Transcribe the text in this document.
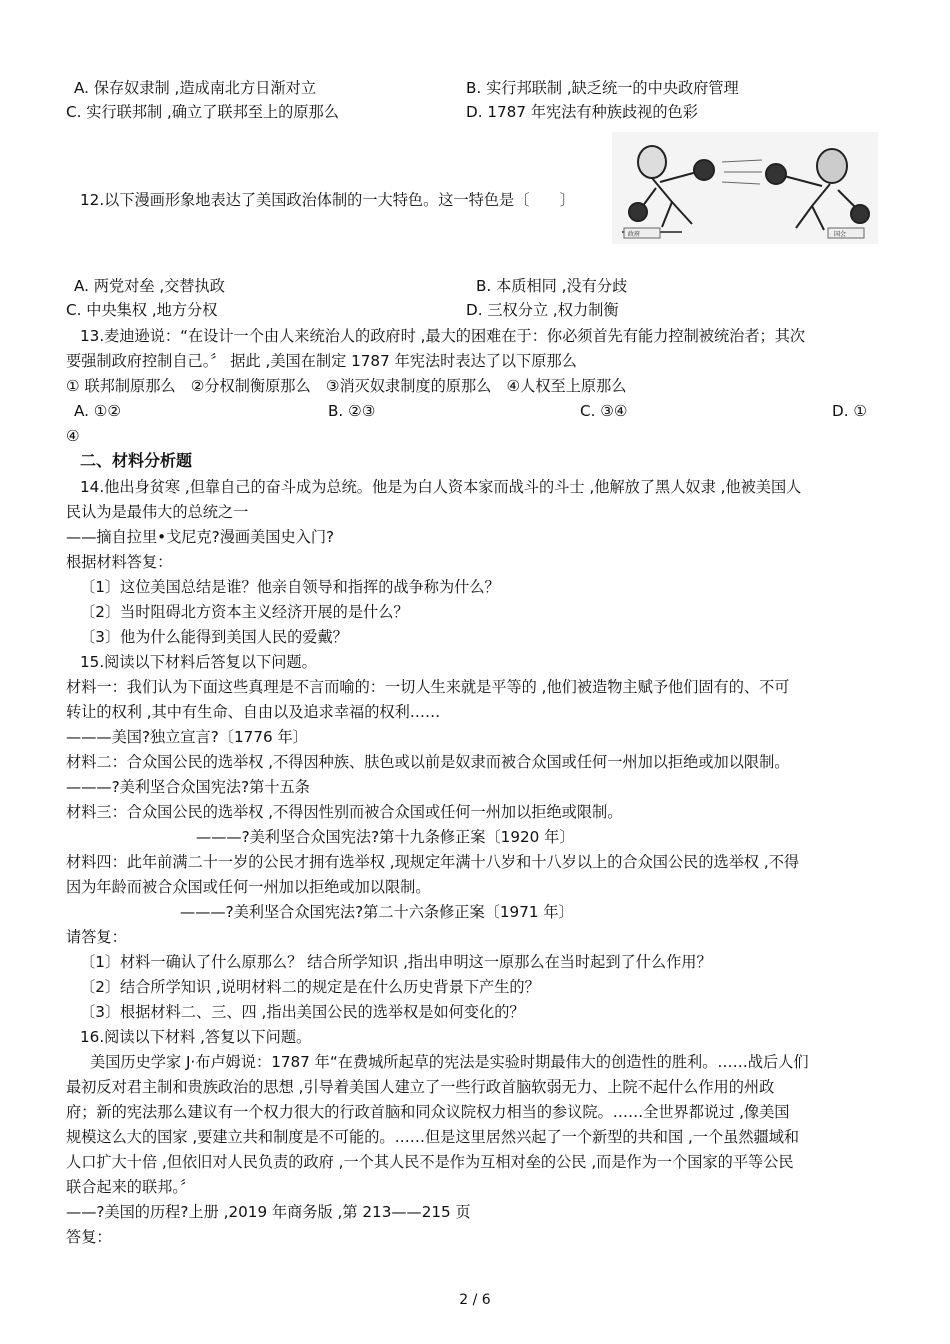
A. 保存奴隶制 ,造成南北方日渐对立	B. 实行邦联制 ,缺乏统一的中央政府管理
C. 实行联邦制 ,确立了联邦至上的原那么	D. 1787 年宪法有种族歧视的色彩
12.以下漫画形象地表达了美国政治体制的一大特色。这一特色是〔　　〕
政府	国会
A. 两党对垒 ,交替执政	B. 本质相同 ,没有分歧
C. 中央集权 ,地方分权	D. 三权分立 ,权力制衡
13.麦迪逊说：“在设计一个由人来统治人的政府时 ,最大的困难在于：你必须首先有能力控制被统治者；其次
要强制政府控制自己。〞 据此 ,美国在制定 1787 年宪法时表达了以下原那么
① 联邦制原那么　②分权制衡原那么　③消灭奴隶制度的原那么　④人权至上原那么
A. ①②	B. ②③	C. ③④	D. ①
④
二、材料分析题
14.他出身贫寒 ,但靠自己的奋斗成为总统。他是为白人资本家而战斗的斗士 ,他解放了黑人奴隶 ,他被美国人
民认为是最伟大的总统之一
——摘自拉里•戈尼克?漫画美国史入门?
根据材料答复：
〔1〕这位美国总结是谁？他亲自领导和指挥的战争称为什么？
〔2〕当时阻碍北方资本主义经济开展的是什么？
〔3〕他为什么能得到美国人民的爱戴？
15.阅读以下材料后答复以下问题。
材料一：我们认为下面这些真理是不言而喻的：一切人生来就是平等的 ,他们被造物主赋予他们固有的、不可
转让的权利 ,其中有生命、自由以及追求幸福的权利……
———美国?独立宣言?〔1776 年〕
材料二：合众国公民的选举权 ,不得因种族、肤色或以前是奴隶而被合众国或任何一州加以拒绝或加以限制。
———?美利坚合众国宪法?第十五条
材料三：合众国公民的选举权 ,不得因性别而被合众国或任何一州加以拒绝或限制。
———?美利坚合众国宪法?第十九条修正案〔1920 年〕
材料四：此年前满二十一岁的公民才拥有选举权 ,现规定年满十八岁和十八岁以上的合众国公民的选举权 ,不得
因为年龄而被合众国或任何一州加以拒绝或加以限制。
———?美利坚合众国宪法?第二十六条修正案〔1971 年〕
请答复：
〔1〕材料一确认了什么原那么？ 结合所学知识 ,指出申明这一原那么在当时起到了什么作用？
〔2〕结合所学知识 ,说明材料二的规定是在什么历史背景下产生的？
〔3〕根据材料二、三、四 ,指出美国公民的选举权是如何变化的？
16.阅读以下材料 ,答复以下问题。
美国历史学家 J·布卢姆说：1787 年“在费城所起草的宪法是实验时期最伟大的创造性的胜利。……战后人们
最初反对君主制和贵族政治的思想 ,引导着美国人建立了一些行政首脑软弱无力、上院不起什么作用的州政
府；新的宪法那么建议有一个权力很大的行政首脑和同众议院权力相当的参议院。……全世界都说过 ,像美国
规模这么大的国家 ,要建立共和制度是不可能的。……但是这里居然兴起了一个新型的共和国 ,一个虽然疆域和
人口扩大十倍 ,但依旧对人民负责的政府 ,一个其人民不是作为互相对垒的公民 ,而是作为一个国家的平等公民
联合起来的联邦。〞
——?美国的历程?上册 ,2019 年商务版 ,第 213——215 页
答复：
2 / 6
